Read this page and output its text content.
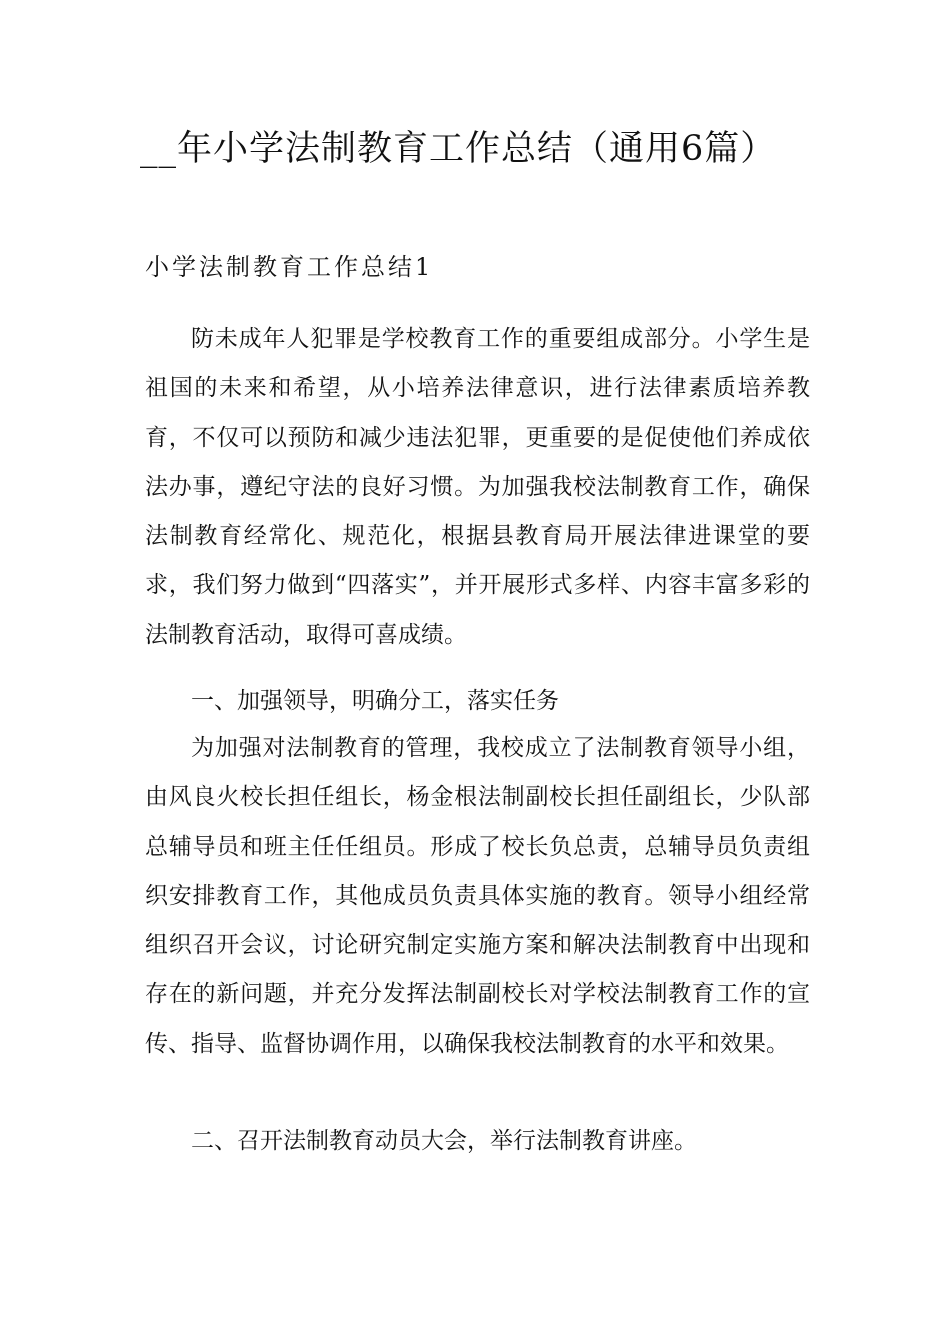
__年小学法制教育工作总结（通用6篇）
小学法制教育工作总结1

防未成年人犯罪是学校教育工作的重要组成部分。小学生是祖国的未来和希望，从小培养法律意识，进行法律素质培养教育，不仅可以预防和减少违法犯罪，更重要的是促使他们养成依法办事，遵纪守法的良好习惯。为加强我校法制教育工作，确保法制教育经常化、规范化，根据县教育局开展法律进课堂的要求，我们努力做到“四落实”，并开展形式多样、内容丰富多彩的法制教育活动，取得可喜成绩。

一、加强领导，明确分工，落实任务

为加强对法制教育的管理，我校成立了法制教育领导小组，由风良火校长担任组长，杨金根法制副校长担任副组长，少队部总辅导员和班主任任组员。形成了校长负总责，总辅导员负责组织安排教育工作，其他成员负责具体实施的教育。领导小组经常组织召开会议，讨论研究制定实施方案和解决法制教育中出现和存在的新问题，并充分发挥法制副校长对学校法制教育工作的宣传、指导、监督协调作用，以确保我校法制教育的水平和效果。

二、召开法制教育动员大会，举行法制教育讲座。
